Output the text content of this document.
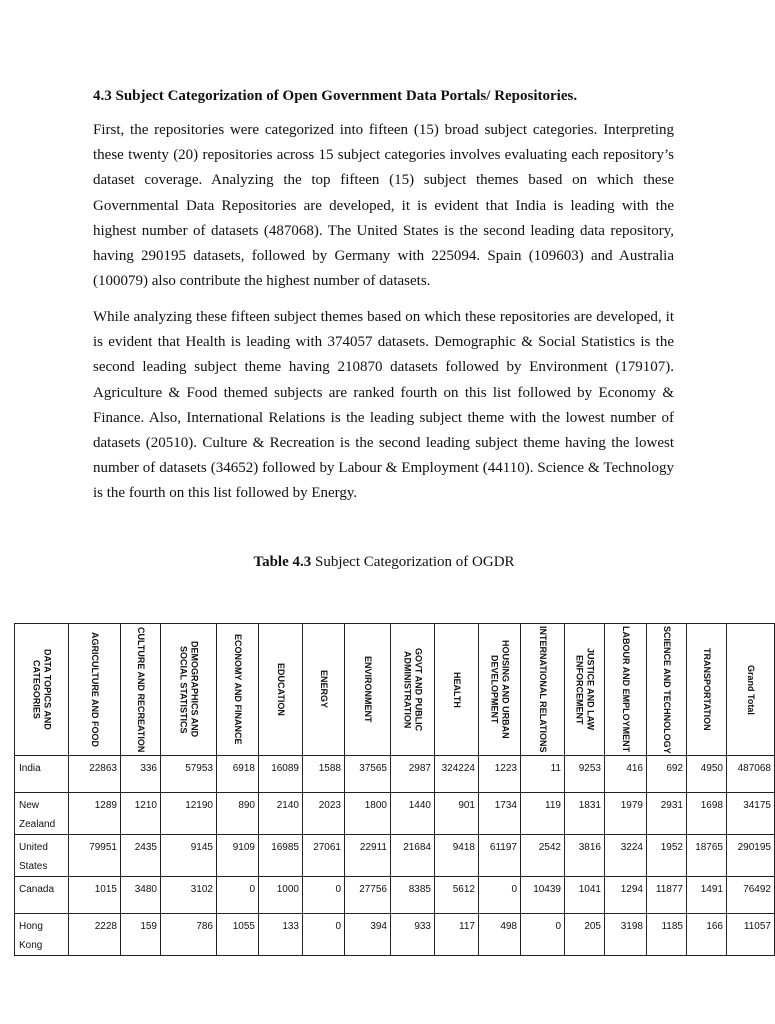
4.3 Subject Categorization of Open Government Data Portals/ Repositories.

First, the repositories were categorized into fifteen (15) broad subject categories. Interpreting these twenty (20) repositories across 15 subject categories involves evaluating each repository’s dataset coverage. Analyzing the top fifteen (15) subject themes based on which these Governmental Data Repositories are developed, it is evident that India is leading with the highest number of datasets (487068). The United States is the second leading data repository, having 290195 datasets, followed by Germany with 225094. Spain (109603) and Australia (100079) also contribute the highest number of datasets.

While analyzing these fifteen subject themes based on which these repositories are developed, it is evident that Health is leading with 374057 datasets. Demographic & Social Statistics is the second leading subject theme having 210870 datasets followed by Environment (179107). Agriculture & Food themed subjects are ranked fourth on this list followed by Economy & Finance. Also, International Relations is the leading subject theme with the lowest number of datasets (20510). Culture & Recreation is the second leading subject theme having the lowest number of datasets (34652) followed by Labour & Employment (44110). Science & Technology is the fourth on this list followed by Energy.

Table 4.3 Subject Categorization of OGDR
DATA TOPICS AND CATEGORIES	AGRICULTURE AND FOOD	CULTURE AND RECREATION	DEMOGRAPHICS AND SOCIAL STATISTICS	ECONOMY AND FINANCE	EDUCATION	ENERGY	ENVIRONMENT	GOVT AND PUBLIC ADMINISTRATION	HEALTH	HOUSING AND URBAN DEVELOPMENT	INTERNATIONAL RELATIONS	JUSTICE AND LAW ENFORCEMENT	LABOUR AND EMPLOYMENT	SCIENCE AND TECHNOLOGY	TRANSPORTATION	Grand Total

India	22863	336	57953	6918	16089	1588	37565	2987	324224	1223	11	9253	416	692	4950	487068
New Zealand	1289	1210	12190	890	2140	2023	1800	1440	901	1734	119	1831	1979	2931	1698	34175
United States	79951	2435	9145	9109	16985	27061	22911	21684	9418	61197	2542	3816	3224	1952	18765	290195
Canada	1015	3480	3102	0	1000	0	27756	8385	5612	0	10439	1041	1294	11877	1491	76492
Hong Kong	2228	159	786	1055	133	0	394	933	117	498	0	205	3198	1185	166	11057
